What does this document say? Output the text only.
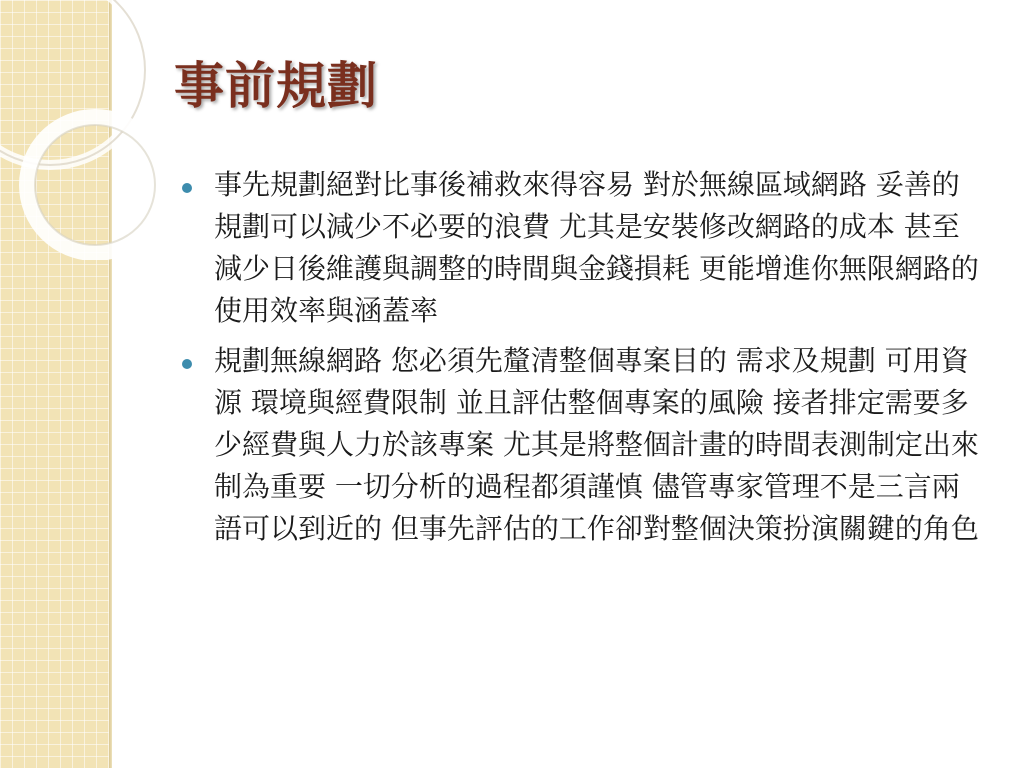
事前規劃
事先規劃絕對比事後補救來得容易 對於無線區域網路 妥善的規劃可以減少不必要的浪費 尤其是安裝修改網路的成本 甚至減少日後維護與調整的時間與金錢損耗 更能增進你無限網路的使用效率與涵蓋率
規劃無線網路 您必須先釐清整個專案目的 需求及規劃 可用資源 環境與經費限制 並且評估整個專案的風險 接者排定需要多少經費與人力於該專案 尤其是將整個計畫的時間表測制定出來 制為重要 一切分析的過程都須謹慎 儘管專家管理不是三言兩語可以到近的 但事先評估的工作卻對整個決策扮演關鍵的角色
